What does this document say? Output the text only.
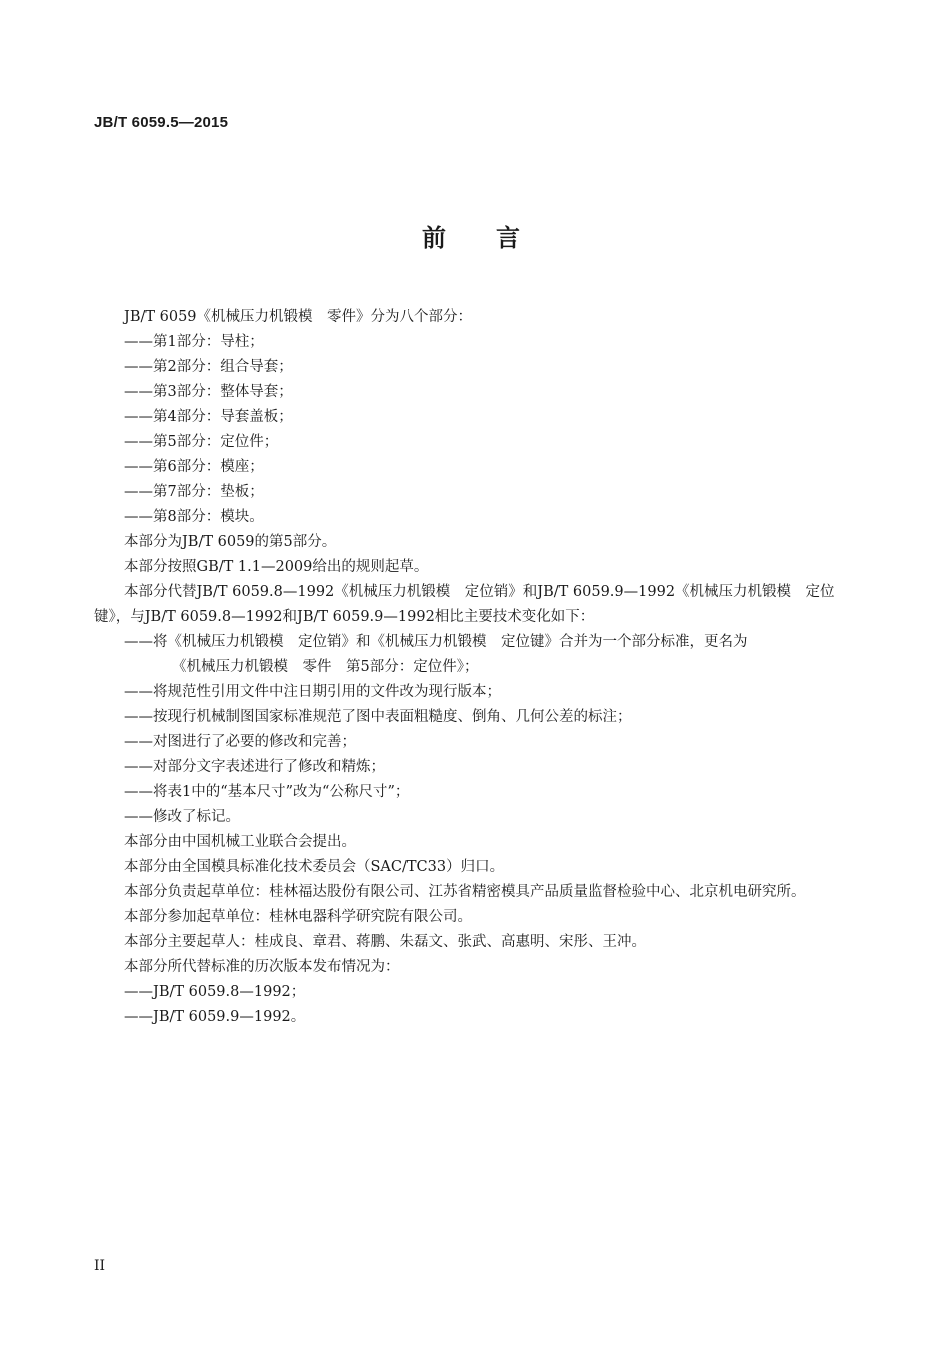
JB/T 6059.5—2015
前 言
JB/T 6059《机械压力机锻模　零件》分为八个部分：
——第1部分：导柱；
——第2部分：组合导套；
——第3部分：整体导套；
——第4部分：导套盖板；
——第5部分：定位件；
——第6部分：模座；
——第7部分：垫板；
——第8部分：模块。
本部分为JB/T 6059的第5部分。
本部分按照GB/T 1.1—2009给出的规则起草。
本部分代替JB/T 6059.8—1992《机械压力机锻模　定位销》和JB/T 6059.9—1992《机械压力机锻模　定位键》，与JB/T 6059.8—1992和JB/T 6059.9—1992相比主要技术变化如下：
——将《机械压力机锻模　定位销》和《机械压力机锻模　定位键》合并为一个部分标准，更名为
《机械压力机锻模　零件　第5部分：定位件》；
——将规范性引用文件中注日期引用的文件改为现行版本；
——按现行机械制图国家标准规范了图中表面粗糙度、倒角、几何公差的标注；
——对图进行了必要的修改和完善；
——对部分文字表述进行了修改和精炼；
——将表1中的“基本尺寸”改为“公称尺寸”；
——修改了标记。
本部分由中国机械工业联合会提出。
本部分由全国模具标准化技术委员会（SAC/TC33）归口。
本部分负责起草单位：桂林福达股份有限公司、江苏省精密模具产品质量监督检验中心、北京机电研究所。
本部分参加起草单位：桂林电器科学研究院有限公司。
本部分主要起草人：桂成良、章君、蒋鹏、朱磊文、张武、高惠明、宋彤、王冲。
本部分所代替标准的历次版本发布情况为：
——JB/T 6059.8—1992；
——JB/T 6059.9—1992。
II
